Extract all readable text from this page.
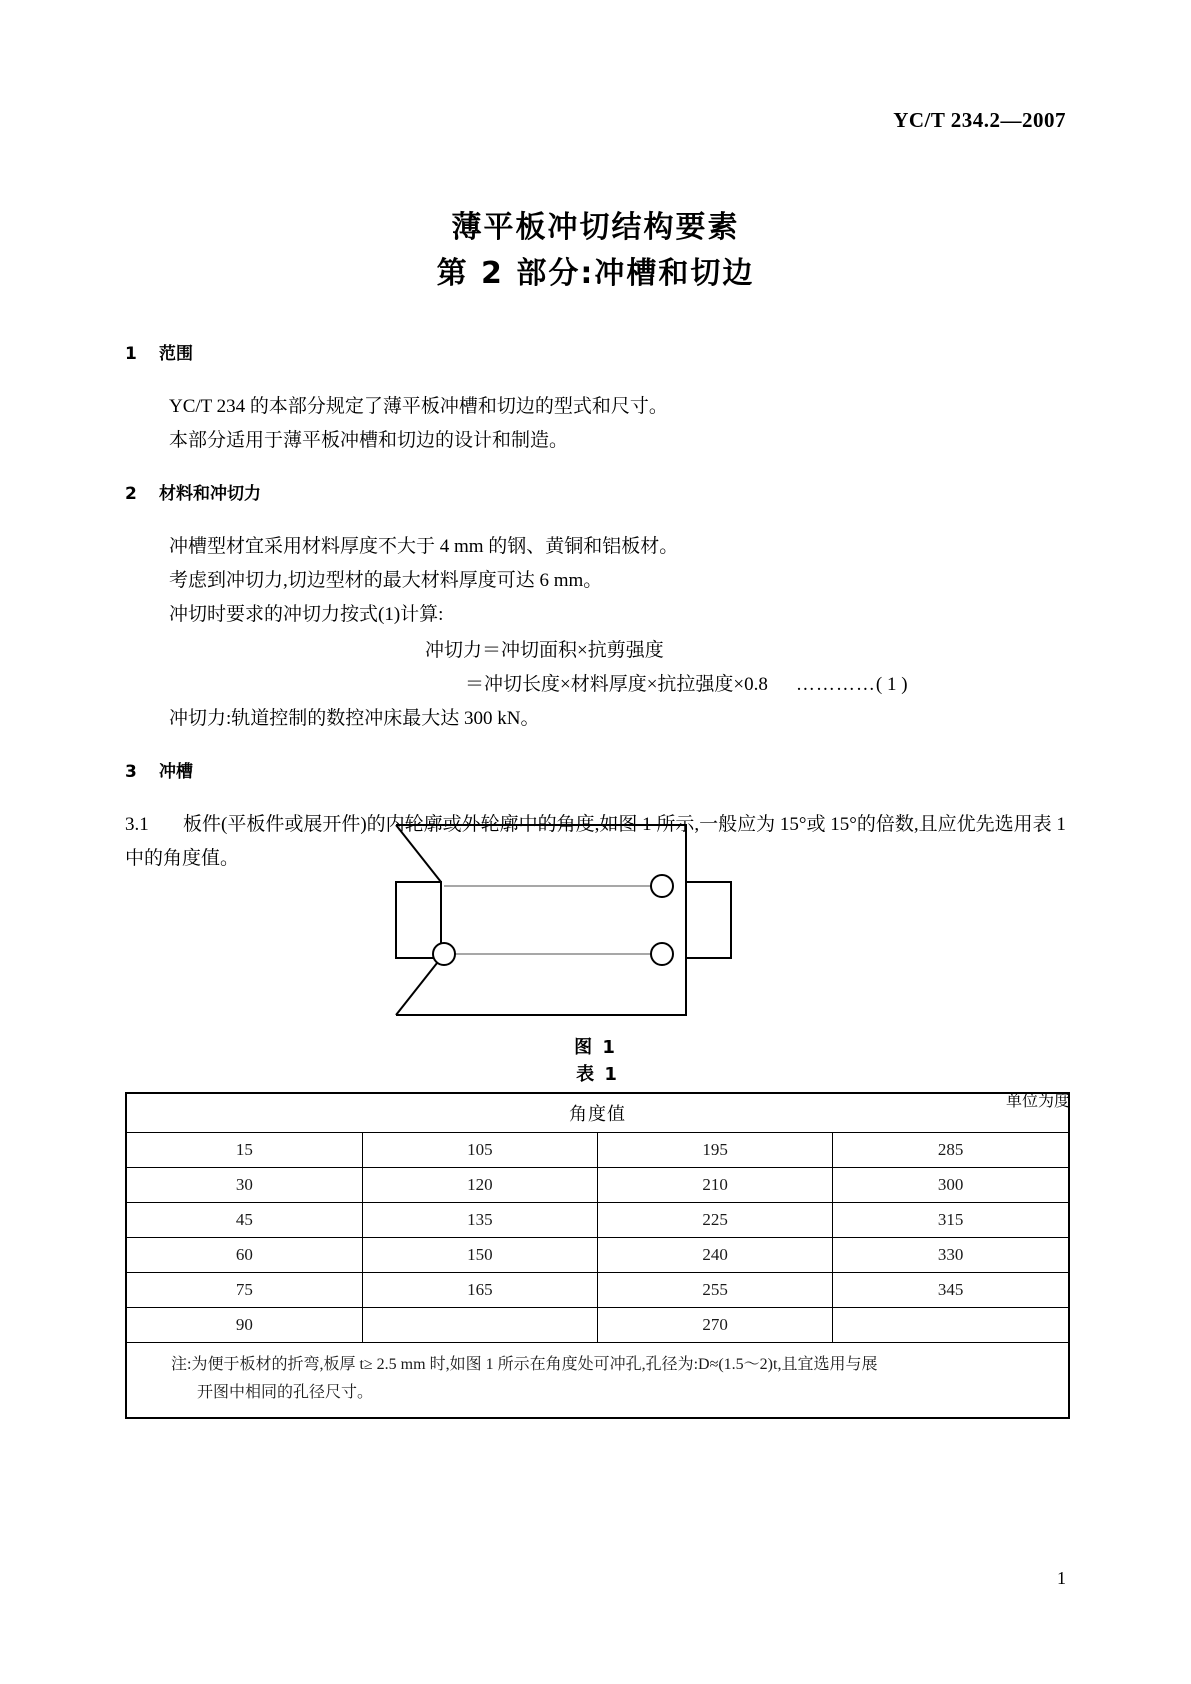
YC/T 234.2—2007
薄平板冲切结构要素
第 2 部分:冲槽和切边
1 范围

YC/T 234 的本部分规定了薄平板冲槽和切边的型式和尺寸。

本部分适用于薄平板冲槽和切边的设计和制造。

2 材料和冲切力

冲槽型材宜采用材料厚度不大于 4 mm 的钢、黄铜和铝板材。

考虑到冲切力,切边型材的最大材料厚度可达 6 mm。

冲切时要求的冲切力按式(1)计算:

冲切力＝冲切面积×抗剪强度
＝冲切长度×材料厚度×抗拉强度×0.8 …………( 1 )

冲切力:轨道控制的数控冲床最大达 300 kN。

3 冲槽

3.1 板件(平板件或展开件)的内轮廓或外轮廓中的角度,如图 1 所示,一般应为 15°或 15°的倍数,且应优先选用表 1 中的角度值。

图 1
表 1
单位为度
角度值			
15	105	195	285
30	120	210	300
45	135	225	315
60	150	240	330
75	165	255	345
90		270	

注:为便于板材的折弯,板厚 t≥ 2.5 mm 时,如图 1 所示在角度处可冲孔,孔径为:D≈(1.5～2)t,且宜选用与展
开图中相同的孔径尺寸。			
1
